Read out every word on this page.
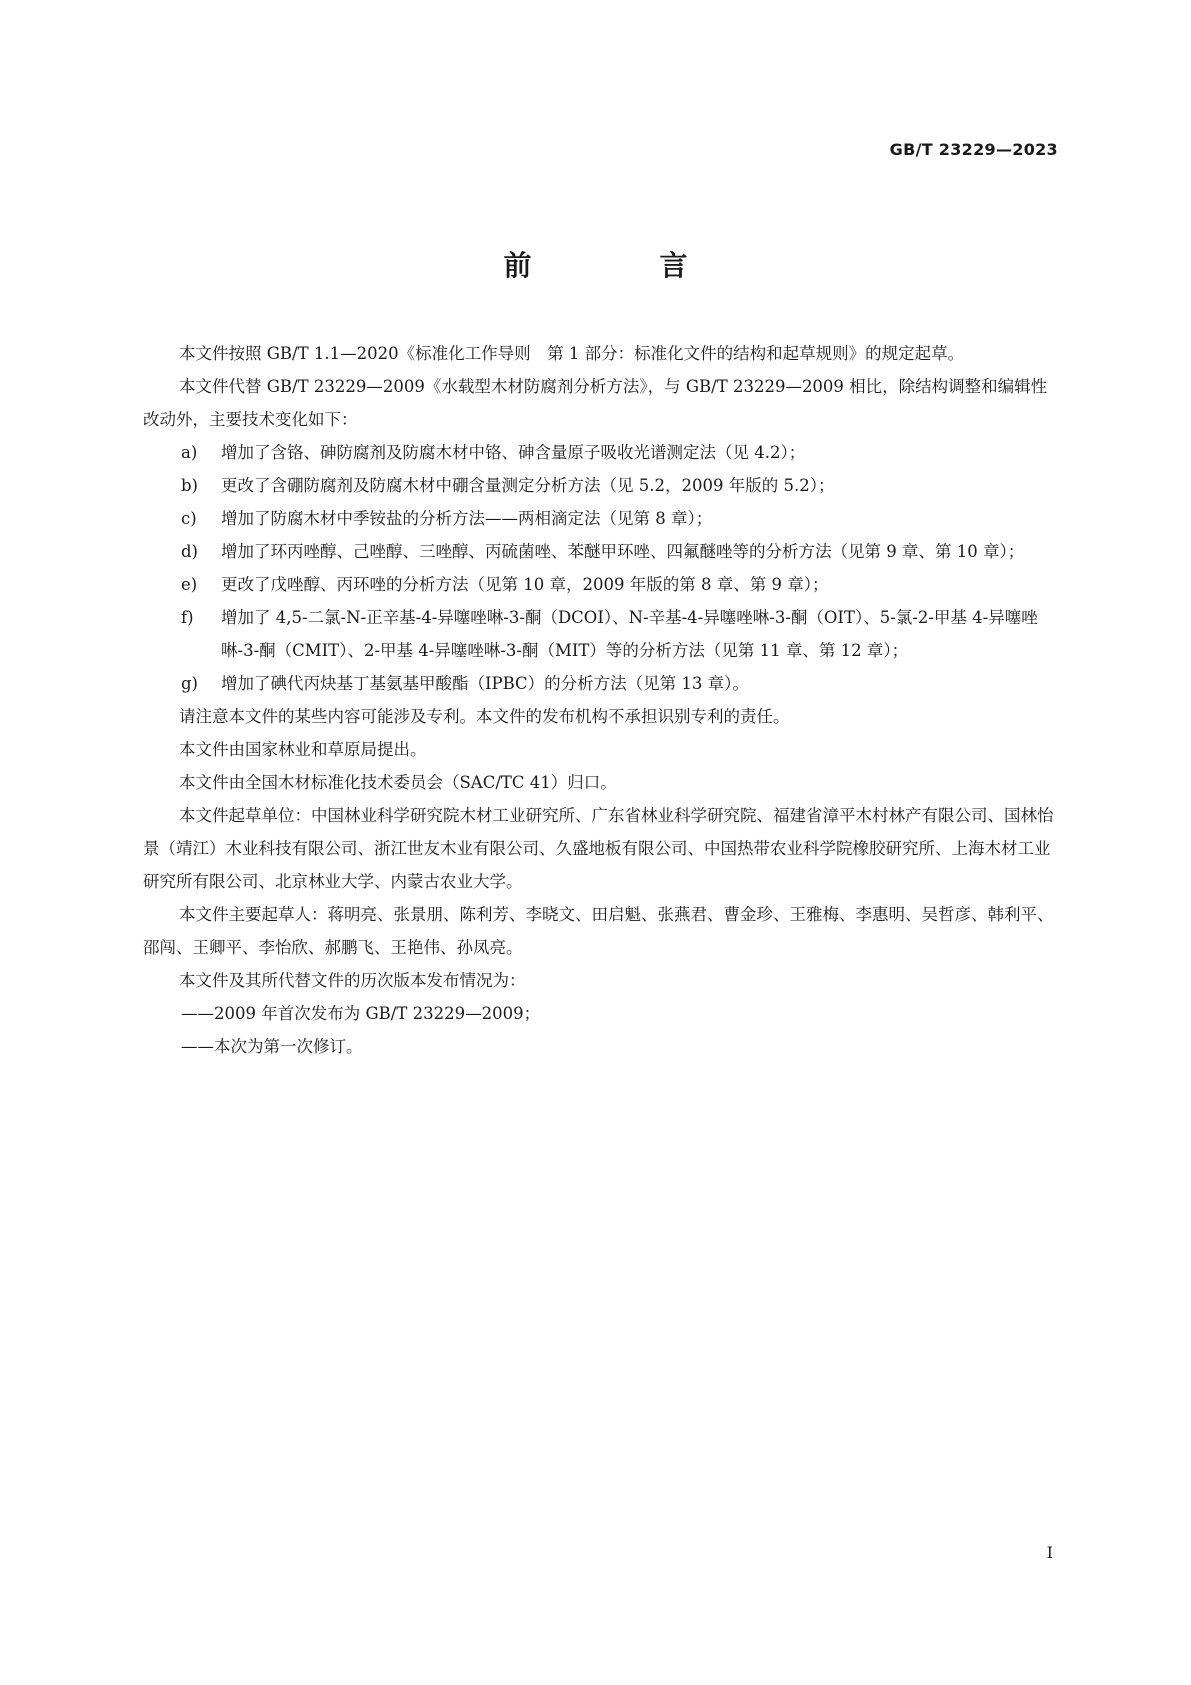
GB/T 23229—2023
前　言

本文件按照 GB/T 1.1—2020《标准化工作导则　第 1 部分：标准化文件的结构和起草规则》的规定起草。

本文件代替 GB/T 23229—2009《水载型木材防腐剂分析方法》，与 GB/T 23229—2009 相比，除结构调整和编辑性改动外，主要技术变化如下：

a)	增加了含铬、砷防腐剂及防腐木材中铬、砷含量原子吸收光谱测定法（见 4.2）；
b)	更改了含硼防腐剂及防腐木材中硼含量测定分析方法（见 5.2，2009 年版的 5.2）；
c)	增加了防腐木材中季铵盐的分析方法——两相滴定法（见第 8 章）；
d)	增加了环丙唑醇、己唑醇、三唑醇、丙硫菌唑、苯醚甲环唑、四氟醚唑等的分析方法（见第 9 章、第 10 章）；
e)	更改了戊唑醇、丙环唑的分析方法（见第 10 章，2009 年版的第 8 章、第 9 章）；
f)	增加了 4,5-二氯-N-正辛基-4-异噻唑啉-3-酮（DCOI）、N-辛基-4-异噻唑啉-3-酮（OIT）、5-氯-2-甲基 4-异噻唑啉-3-酮（CMIT）、2-甲基 4-异噻唑啉-3-酮（MIT）等的分析方法（见第 11 章、第 12 章）；
g)	增加了碘代丙炔基丁基氨基甲酸酯（IPBC）的分析方法（见第 13 章）。

请注意本文件的某些内容可能涉及专利。本文件的发布机构不承担识别专利的责任。

本文件由国家林业和草原局提出。

本文件由全国木材标准化技术委员会（SAC/TC 41）归口。

本文件起草单位：中国林业科学研究院木材工业研究所、广东省林业科学研究院、福建省漳平木村林产有限公司、国林怡景（靖江）木业科技有限公司、浙江世友木业有限公司、久盛地板有限公司、中国热带农业科学院橡胶研究所、上海木材工业研究所有限公司、北京林业大学、内蒙古农业大学。

本文件主要起草人：蒋明亮、张景朋、陈利芳、李晓文、田启魁、张燕君、曹金珍、王雅梅、李惠明、吴哲彦、韩利平、邵闯、王卿平、李怡欣、郝鹏飞、王艳伟、孙凤亮。

本文件及其所代替文件的历次版本发布情况为：

——2009 年首次发布为 GB/T 23229—2009；

——本次为第一次修订。

I
